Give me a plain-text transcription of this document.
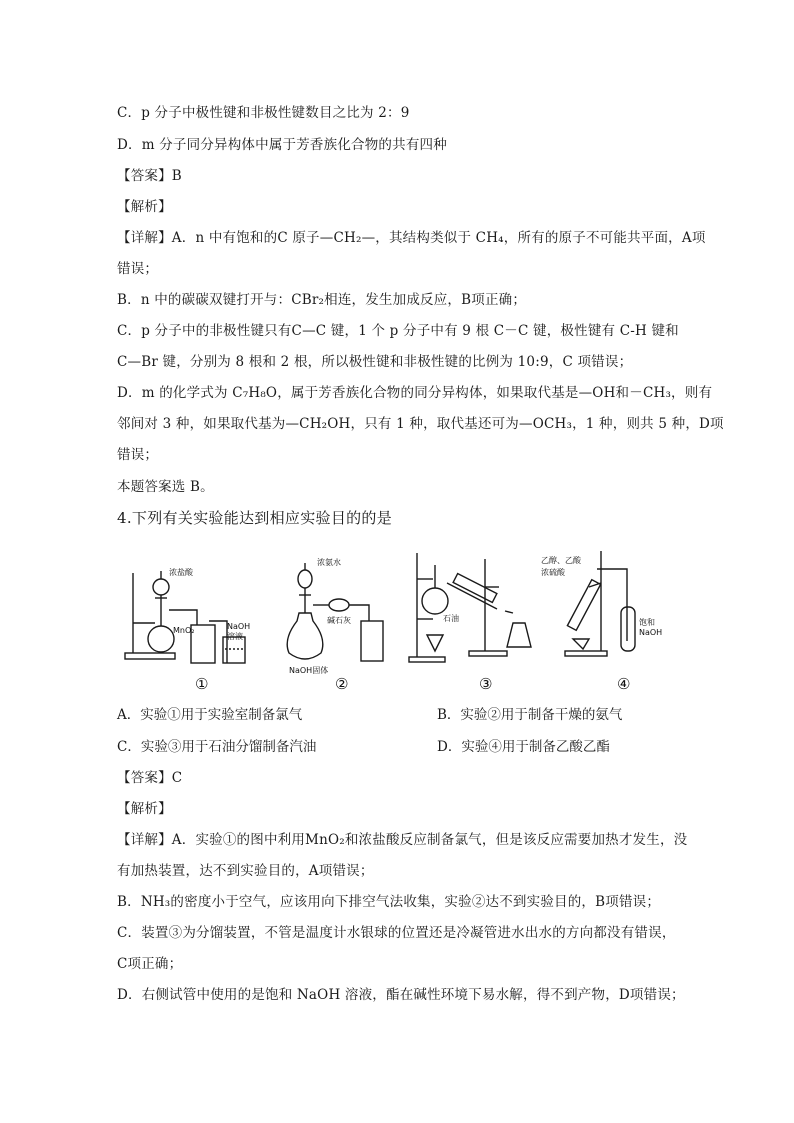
C．p 分子中极性键和非极性键数目之比为 2：9
D．m 分子同分异构体中属于芳香族化合物的共有四种
【答案】B
【解析】
【详解】A．n 中有饱和的C 原子—CH₂—，其结构类似于 CH₄，所有的原子不可能共平面，A项
错误；
B．n 中的碳碳双键打开与：CBr₂相连，发生加成反应，B项正确；
C．p 分子中的非极性键只有C—C 键，1 个 p 分子中有 9 根 C－C 键，极性键有 C-H 键和
C—Br 键，分别为 8 根和 2 根，所以极性键和非极性键的比例为 10:9，C 项错误；
D．m 的化学式为 C₇H₈O，属于芳香族化合物的同分异构体，如果取代基是—OH和－CH₃，则有
邻间对 3 种，如果取代基为—CH₂OH，只有 1 种，取代基还可为—OCH₃，1 种，则共 5 种，D项
错误；
本题答案选 B。
4.下列有关实验能达到相应实验目的的是
浓盐酸
MnO₂	NaOH
溶液
浓氨水
碱石灰
NaOH固体
石油
乙醇、乙酸
浓硫酸
饱和
NaOH
①	②	③	④
A．实验①用于实验室制备氯气	B．实验②用于制备干燥的氨气
C．实验③用于石油分馏制备汽油	D．实验④用于制备乙酸乙酯
【答案】C
【解析】
【详解】A．实验①的图中利用MnO₂和浓盐酸反应制备氯气，但是该反应需要加热才发生，没
有加热装置，达不到实验目的，A项错误；
B．NH₃的密度小于空气，应该用向下排空气法收集，实验②达不到实验目的，B项错误；
C．装置③为分馏装置，不管是温度计水银球的位置还是冷凝管进水出水的方向都没有错误，
C项正确；
D．右侧试管中使用的是饱和 NaOH 溶液，酯在碱性环境下易水解，得不到产物，D项错误；
